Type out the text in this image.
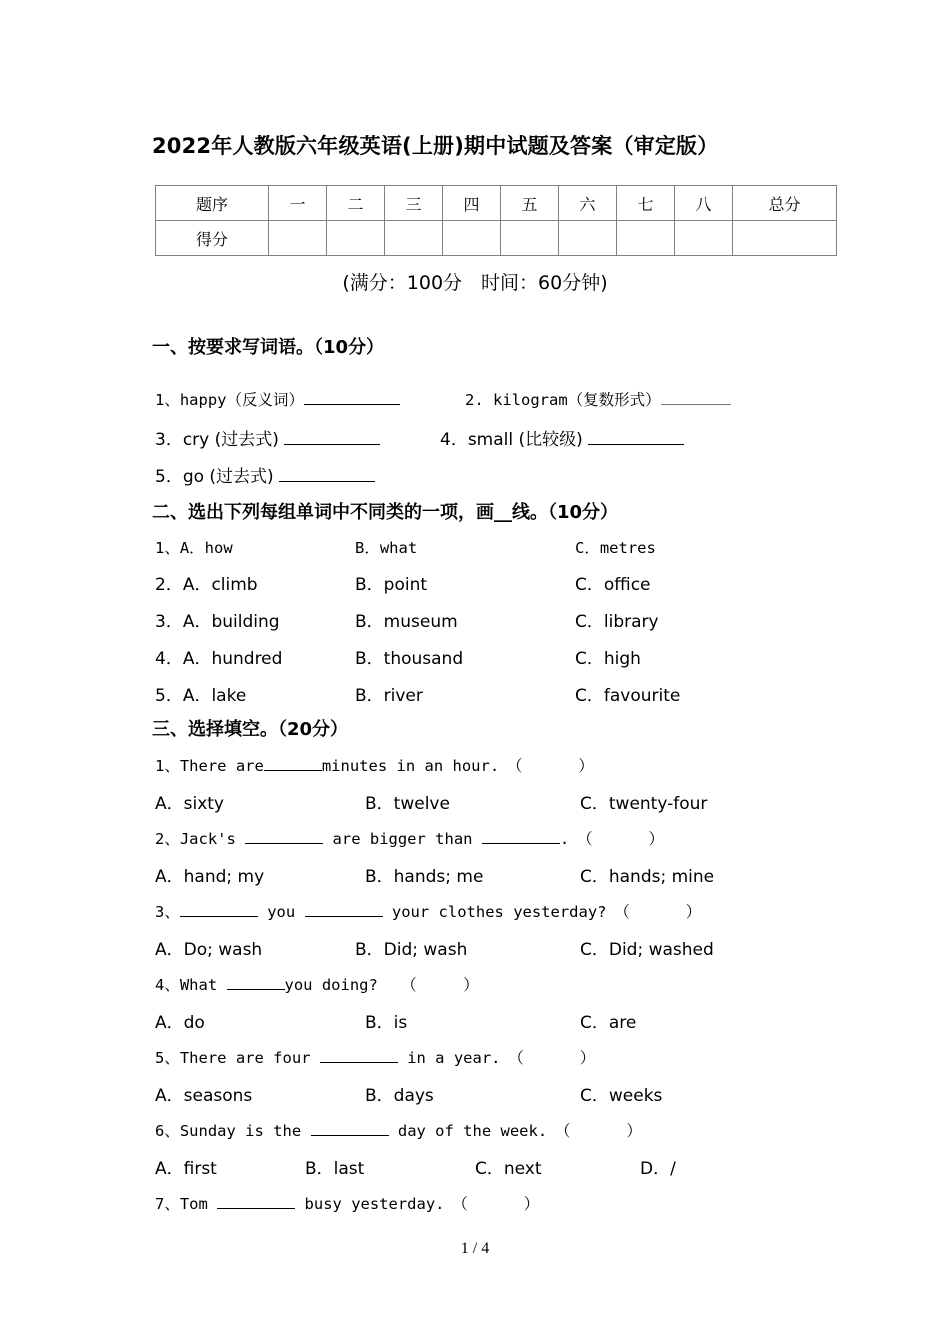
2022年人教版六年级英语(上册)期中试题及答案（审定版）
题序	一	二	三	四	五	六	七	八	总分
得分									
(满分：100分　时间：60分钟)
一、按要求写词语。（10分）
1、happy（反义词）	2. kilogram（复数形式）
3．cry (过去式)	4．small (比较级)
5．go (过去式)
二、选出下列每组单词中不同类的一项，画__线。（10分）
1、A．how	B．what	C．metres
2．A．climb	B．point	C．office
3．A．building	B．museum	C．library
4．A．hundred	B．thousand	C．high
5．A．lake	B．river	C．favourite
三、选择填空。（20分）
1、There are	minutes in an hour.　（	）
A．sixty	B．twelve	C．twenty-four
2、Jack's	are bigger than	.　（	）
A．hand; my	B．hands; me	C．hands; mine
3、	you	your clothes yesterday?　（	）
A．Do; wash	B．Did; wash	C．Did; washed
4、What	you doing?　　（	）
A．do	B．is	C．are
5、There are four	in a year.　（	）
A．seasons	B．days	C．weeks
6、Sunday is the	day of the week.　（	）
A．first	B．last	C．next	D．/
7、Tom	busy yesterday.　（	）
1 / 4
